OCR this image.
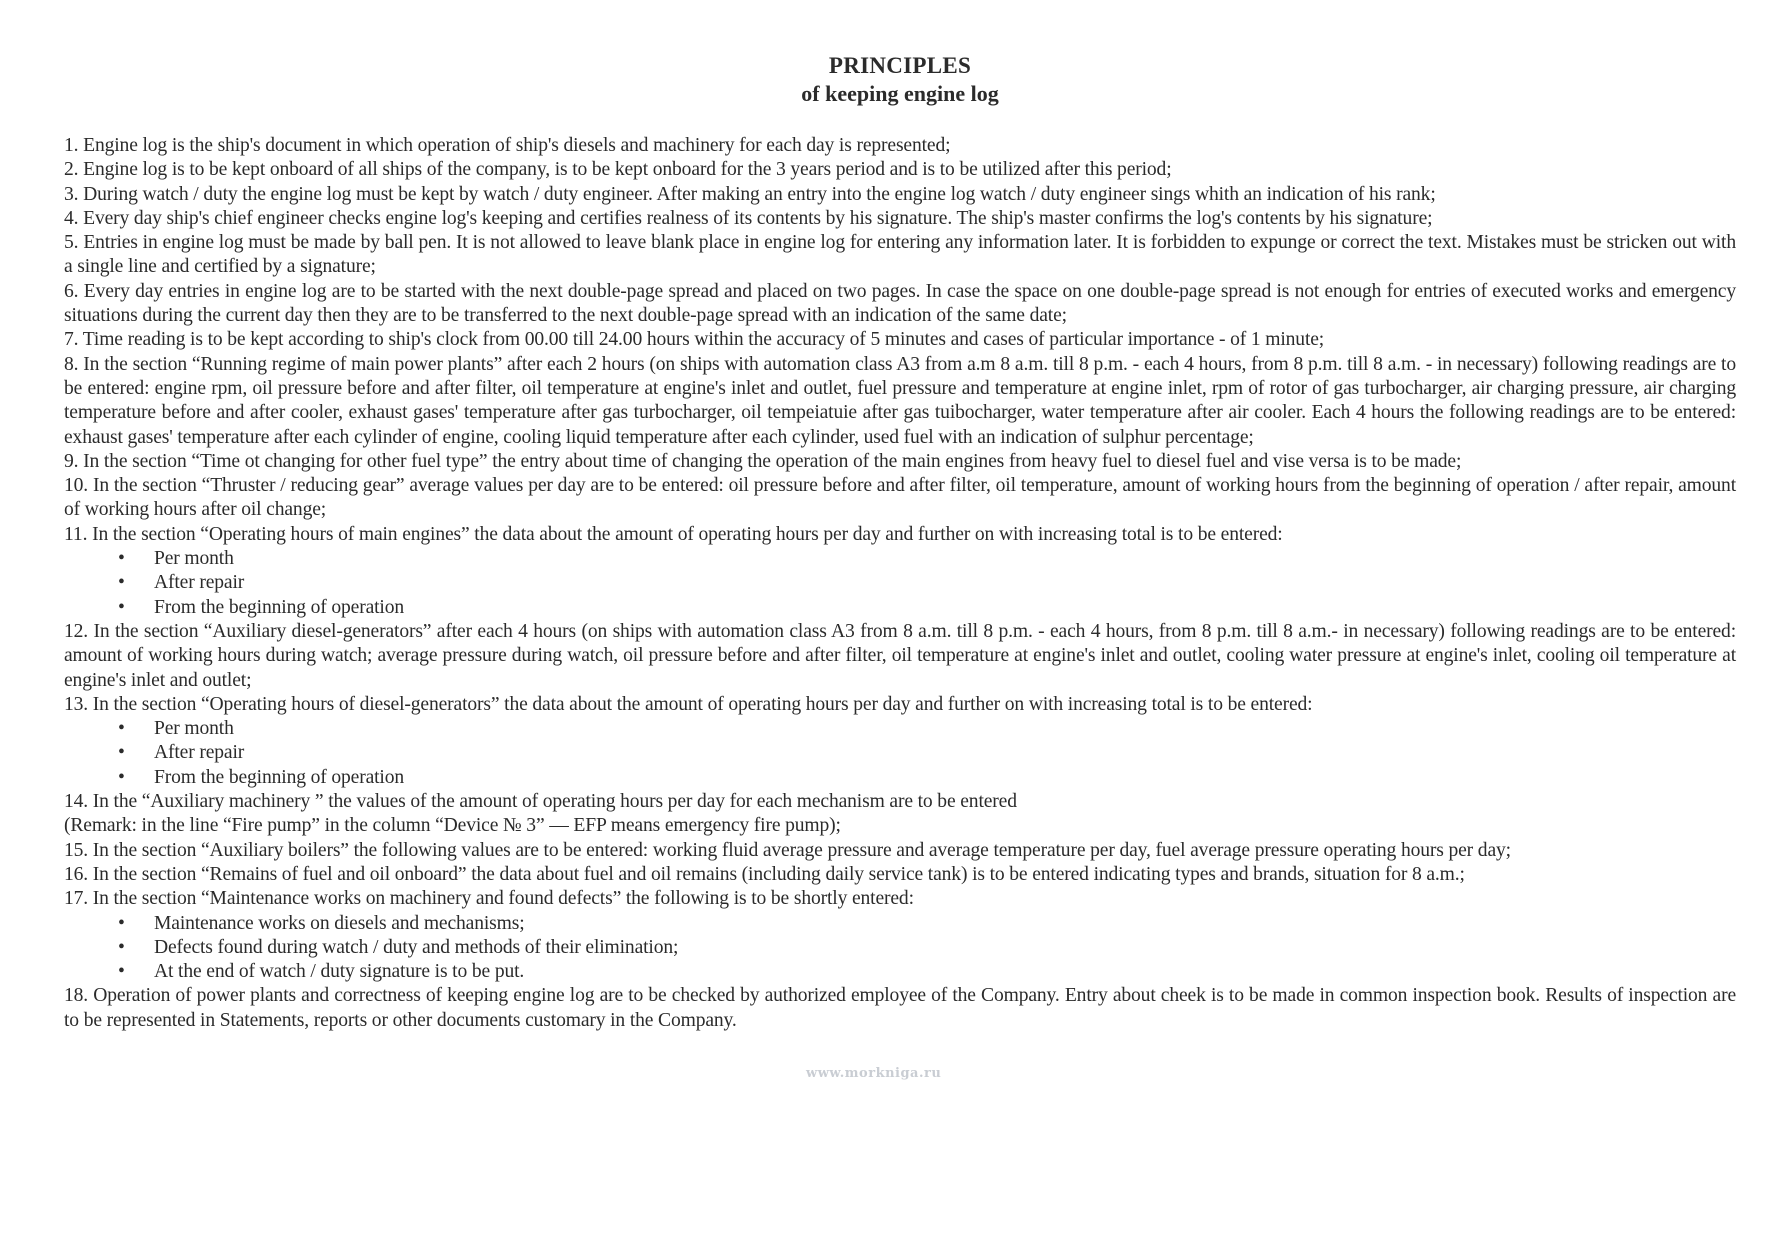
PRINCIPLES
of keeping engine log

1. Engine log is the ship's document in which operation of ship's diesels and machinery for each day is represented;

2. Engine log is to be kept onboard of all ships of the company, is to be kept onboard for the 3 years period and is to be utilized after this period;

3. During watch / duty the engine log must be kept by watch / duty engineer. After making an entry into the engine log watch / duty engineer sings whith an indication of his rank;

4. Every day ship's chief engineer checks engine log's keeping and certifies realness of its contents by his signature. The ship's master confirms the log's contents by his signature;

5. Entries in engine log must be made by ball pen. It is not allowed to leave blank place in engine log for entering any information later. It is forbidden to expunge or correct the text. Mistakes must be stricken out with a single line and certified by a signature;

6. Every day entries in engine log are to be started with the next double-page spread and placed on two pages. In case the space on one double-page spread is not enough for entries of executed works and emergency situations during the current day then they are to be transferred to the next double-page spread with an indication of the same date;

7. Time reading is to be kept according to ship's clock from 00.00 till 24.00 hours within the accuracy of 5 minutes and cases of particular importance - of 1 minute;

8. In the section “Running regime of main power plants” after each 2 hours (on ships with automation class A3 from a.m 8 a.m. till 8 p.m. - each 4 hours, from 8 p.m. till 8 a.m. - in necessary) following readings are to be entered: engine rpm, oil pressure before and after filter, oil temperature at engine's inlet and outlet, fuel pressure and temperature at engine inlet, rpm of rotor of gas turbocharger, air charging pressure, air charging temperature before and after cooler, exhaust gases' temperature after gas turbocharger, oil tempeiatuie after gas tuibocharger, water temperature after air cooler. Each 4 hours the following readings are to be entered: exhaust gases' temperature after each cylinder of engine, cooling liquid temperature after each cylinder, used fuel with an indication of sulphur percentage;

9. In the section “Time ot changing for other fuel type” the entry about time of changing the operation of the main engines from heavy fuel to diesel fuel and vise versa is to be made;

10. In the section “Thruster / reducing gear” average values per day are to be entered: oil pressure before and after filter, oil temperature, amount of working hours from the beginning of operation / after repair, amount of working hours after oil change;

11. In the section “Operating hours of main engines” the data about the amount of operating hours per day and further on with increasing total is to be entered:

• Per month
• After repair
• From the beginning of operation

12. In the section “Auxiliary diesel-generators” after each 4 hours (on ships with automation class A3 from 8 a.m. till 8 p.m. - each 4 hours, from 8 p.m. till 8 a.m.- in necessary) following readings are to be entered: amount of working hours during watch; average pressure during watch, oil pressure before and after filter, oil temperature at engine's inlet and outlet, cooling water pressure at engine's inlet, cooling oil temperature at engine's inlet and outlet;

13. In the section “Operating hours of diesel-generators” the data about the amount of operating hours per day and further on with increasing total is to be entered:

• Per month
• After repair
• From the beginning of operation

14. In the “Auxiliary machinery ” the values of the amount of operating hours per day for each mechanism are to be entered

(Remark: in the line “Fire pump” in the column “Device № 3” — EFP means emergency fire pump);

15. In the section “Auxiliary boilers” the following values are to be entered: working fluid average pressure and average temperature per day, fuel average pressure operating hours per day;

16. In the section “Remains of fuel and oil onboard” the data about fuel and oil remains (including daily service tank) is to be entered indicating types and brands, situation for 8 a.m.;

17. In the section “Maintenance works on machinery and found defects” the following is to be shortly entered:

• Maintenance works on diesels and mechanisms;
• Defects found during watch / duty and methods of their elimination;
• At the end of watch / duty signature is to be put.

18. Operation of power plants and correctness of keeping engine log are to be checked by authorized employee of the Company. Entry about cheek is to be made in common inspection book. Results of inspection are to be represented in Statements, reports or other documents customary in the Company.

www.morkniga.ru
